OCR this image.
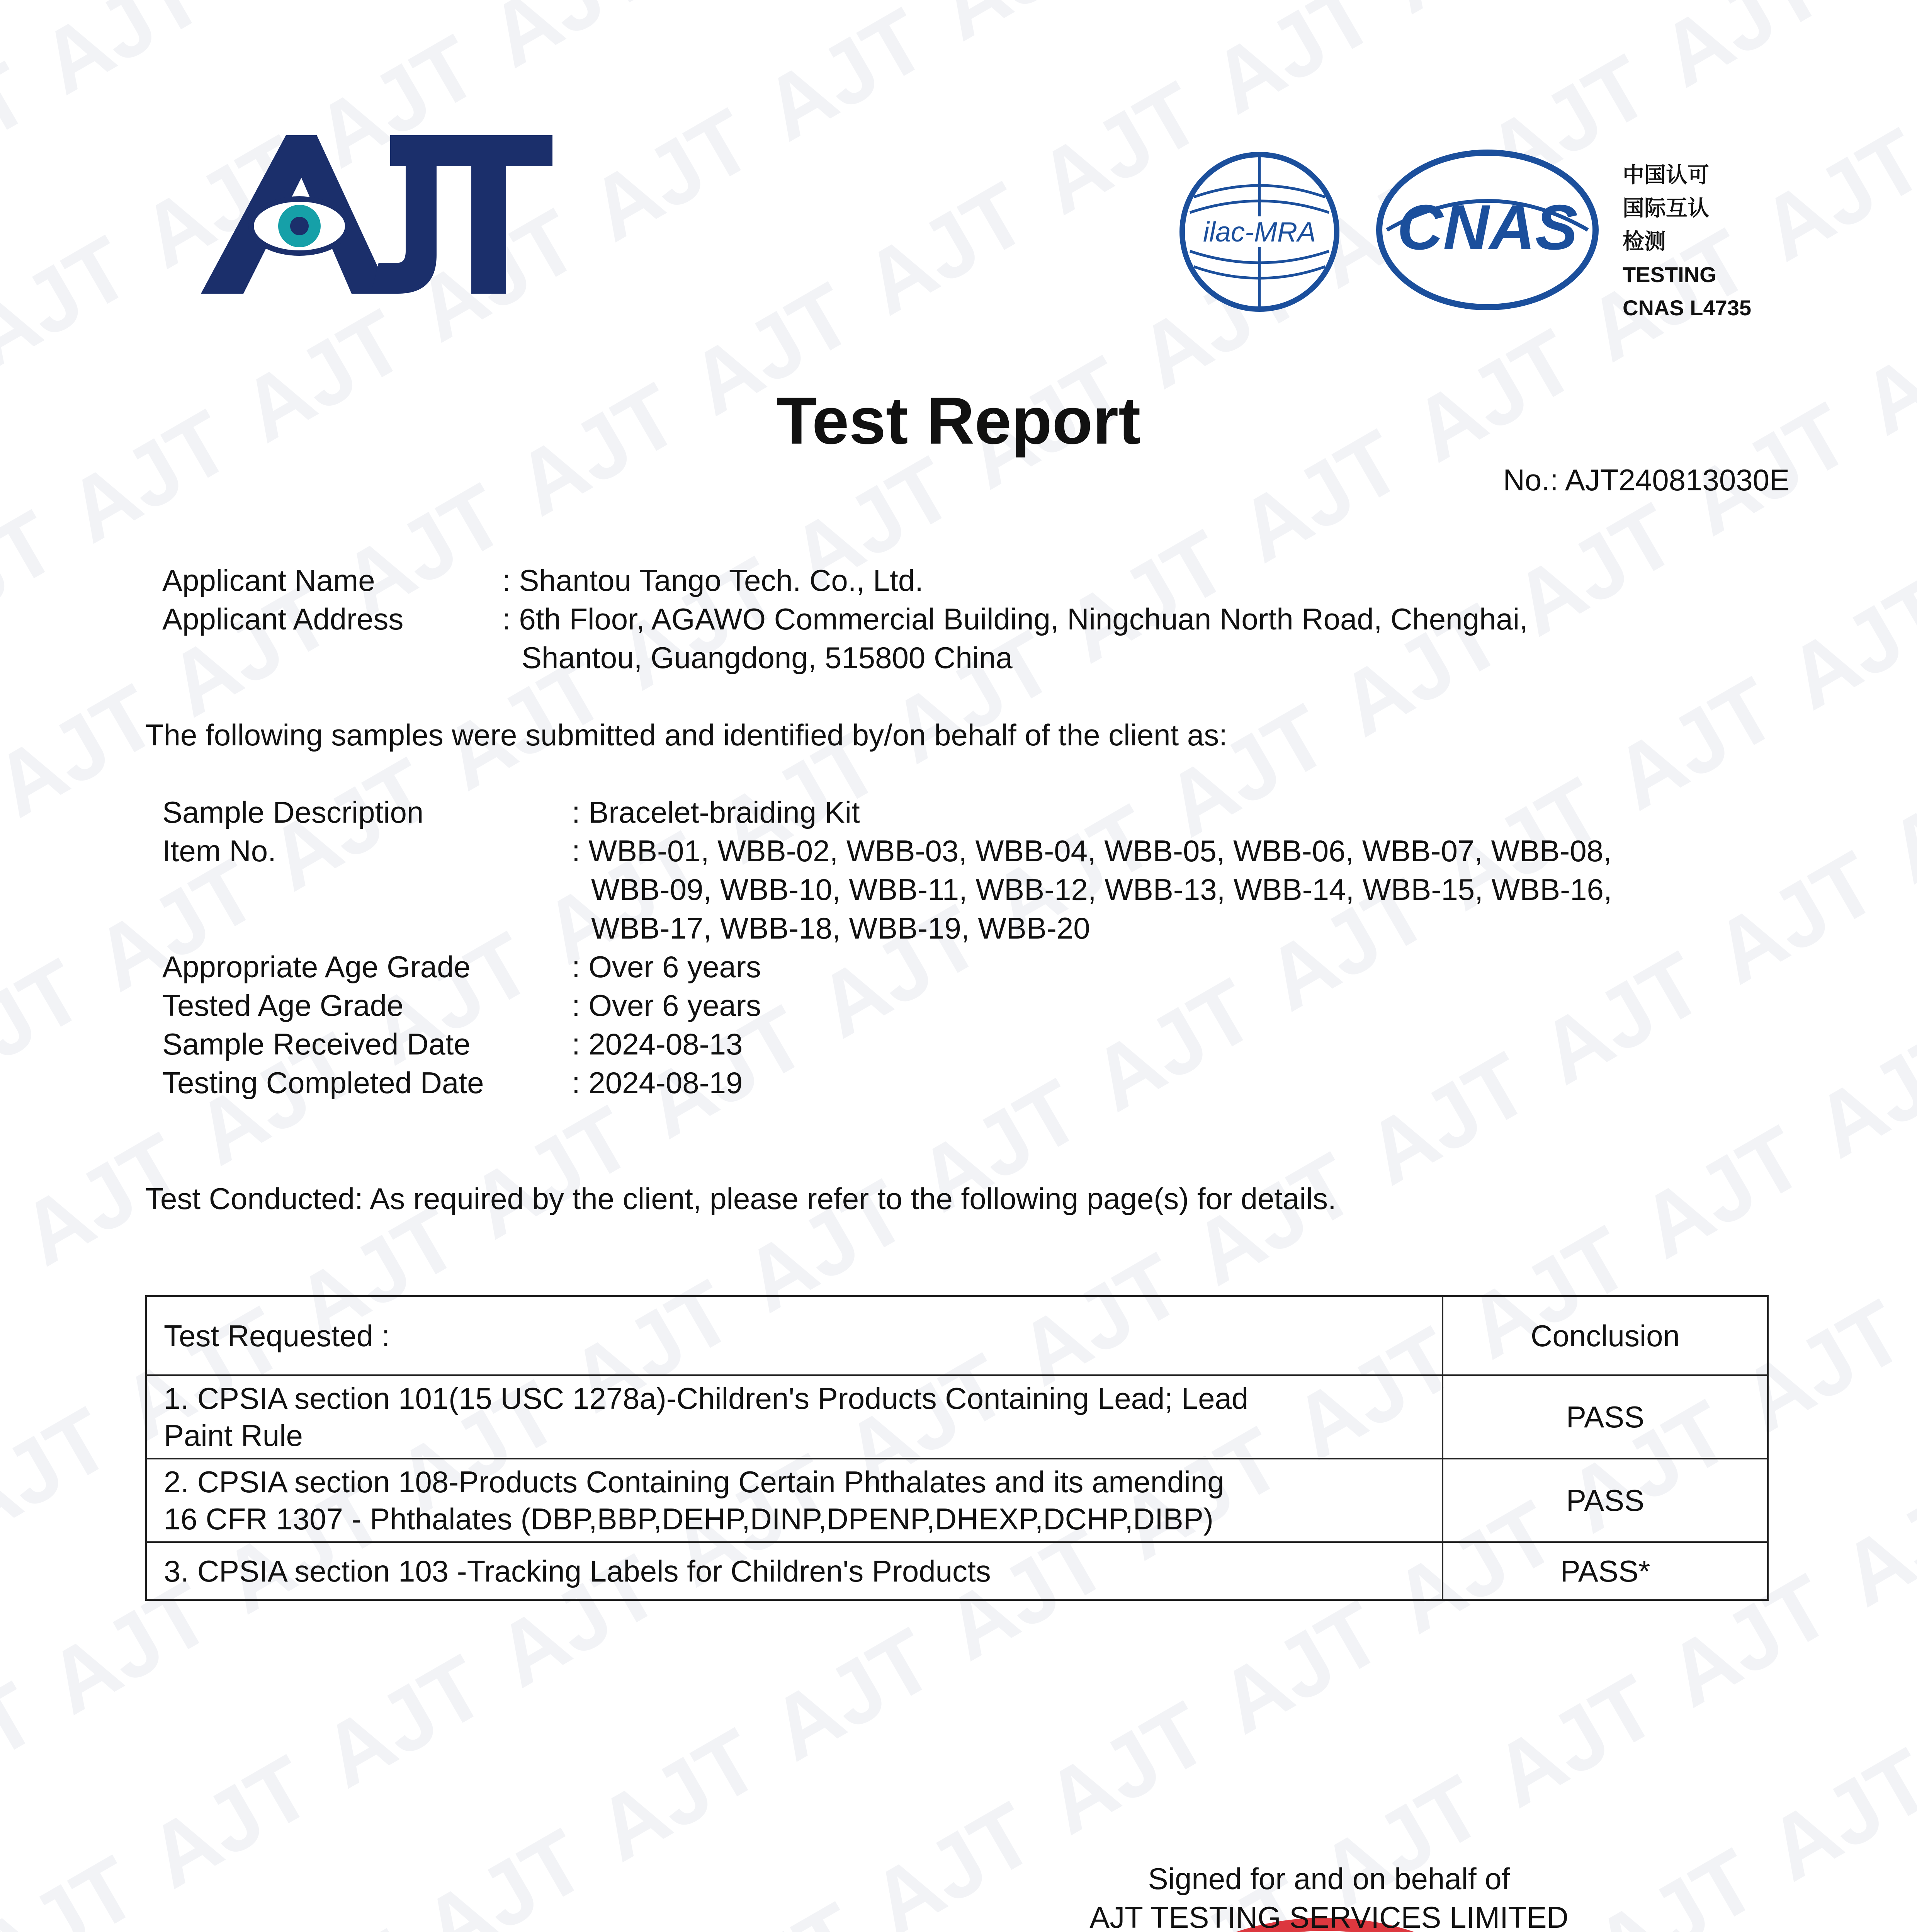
ilac-MRA CNAS
中国认可
国际互认
检测
TESTING
CNAS L4735
Test Report
No.: AJT240813030E
Applicant Name	: Shantou Tango Tech. Co., Ltd.
Applicant Address	: 6th Floor, AGAWO Commercial Building, Ningchuan North Road, Chenghai,
Shantou, Guangdong, 515800 China
The following samples were submitted and identified by/on behalf of the client as:
Sample Description	: Bracelet-braiding Kit
Item No.	: WBB-01, WBB-02, WBB-03, WBB-04, WBB-05, WBB-06, WBB-07, WBB-08,
WBB-09, WBB-10, WBB-11, WBB-12, WBB-13, WBB-14, WBB-15, WBB-16,
WBB-17, WBB-18, WBB-19, WBB-20
Appropriate Age Grade	: Over 6 years
Tested Age Grade	: Over 6 years
Sample Received Date	: 2024-08-13
Testing Completed Date	: 2024-08-19
Test Conducted: As required by the client, please refer to the following page(s) for details.
Test Requested :	Conclusion

1. CPSIA section 101(15 USC 1278a)-Children's Products Containing Lead; Lead
Paint Rule	PASS

2. CPSIA section 108-Products Containing Certain Phthalates and its amending
16 CFR 1307 - Phthalates (DBP,BBP,DEHP,DINP,DPENP,DHEXP,DCHP,DIBP)	PASS

3. CPSIA section 103 -Tracking Labels for Children's Products	PASS*
Signed for and on behalf of
AJT TESTING SERVICES LIMITED
